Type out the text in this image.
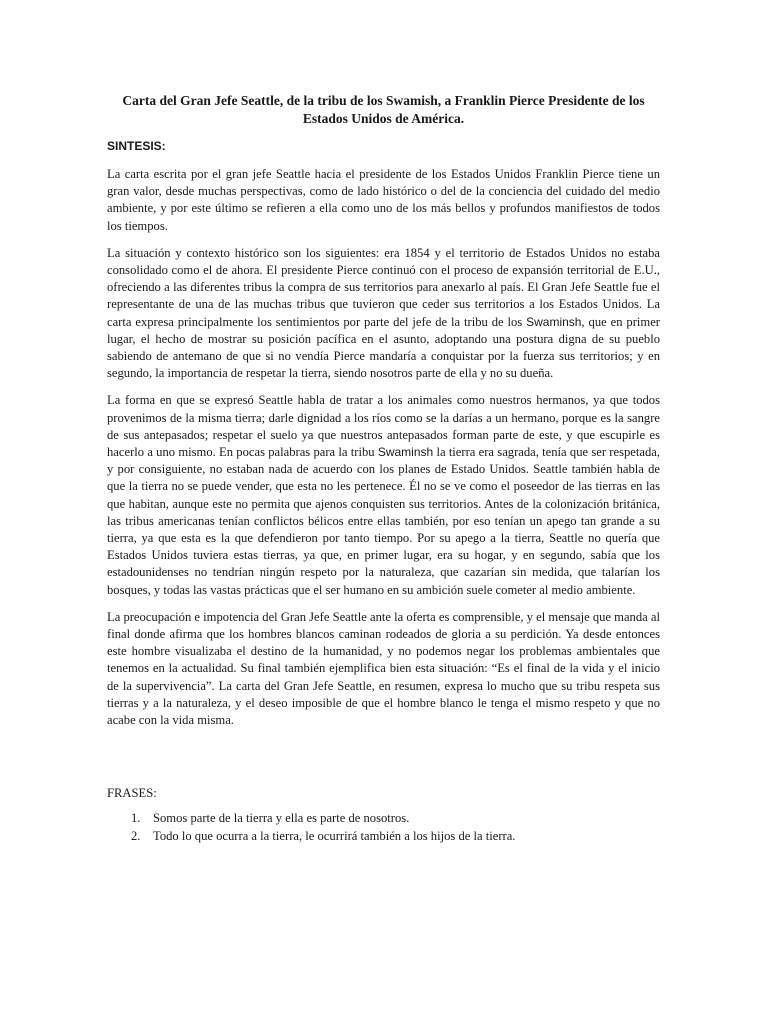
Carta del Gran Jefe Seattle, de la tribu de los Swamish, a Franklin Pierce Presidente de los Estados Unidos de América.
SINTESIS:

La carta escrita por el gran jefe Seattle hacia el presidente de los Estados Unidos Franklin Pierce tiene un gran valor, desde muchas perspectivas, como de lado histórico o del de la conciencia del cuidado del medio ambiente, y por este último se refieren a ella como uno de los más bellos y profundos manifiestos de todos los tiempos.

La situación y contexto histórico son los siguientes: era 1854 y el territorio de Estados Unidos no estaba consolidado como el de ahora. El presidente Pierce continuó con el proceso de expansión territorial de E.U., ofreciendo a las diferentes tribus la compra de sus territorios para anexarlo al país. El Gran Jefe Seattle fue el representante de una de las muchas tribus que tuvieron que ceder sus territorios a los Estados Unidos. La carta expresa principalmente los sentimientos por parte del jefe de la tribu de los Swaminsh, que en primer lugar, el hecho de mostrar su posición pacífica en el asunto, adoptando una postura digna de su pueblo sabiendo de antemano de que si no vendía Pierce mandaría a conquistar por la fuerza sus territorios; y en segundo, la importancia de respetar la tierra, siendo nosotros parte de ella y no su dueña.

La forma en que se expresó Seattle habla de tratar a los animales como nuestros hermanos, ya que todos provenimos de la misma tierra; darle dignidad a los ríos como se la darías a un hermano, porque es la sangre de sus antepasados; respetar el suelo ya que nuestros antepasados forman parte de este, y que escupirle es hacerlo a uno mismo. En pocas palabras para la tribu Swaminsh la tierra era sagrada, tenía que ser respetada, y por consiguiente, no estaban nada de acuerdo con los planes de Estado Unidos. Seattle también habla de que la tierra no se puede vender, que esta no les pertenece. Él no se ve como el poseedor de las tierras en las que habitan, aunque este no permita que ajenos conquisten sus territorios. Antes de la colonización británica, las tribus americanas tenían conflictos bélicos entre ellas también, por eso tenían un apego tan grande a su tierra, ya que esta es la que defendieron por tanto tiempo. Por su apego a la tierra, Seattle no quería que Estados Unidos tuviera estas tierras, ya que, en primer lugar, era su hogar, y en segundo, sabía que los estadounidenses no tendrían ningún respeto por la naturaleza, que cazarían sin medida, que talarían los bosques, y todas las vastas prácticas que el ser humano en su ambición suele cometer al medio ambiente.

La preocupación e impotencia del Gran Jefe Seattle ante la oferta es comprensible, y el mensaje que manda al final donde afirma que los hombres blancos caminan rodeados de gloria a su perdición. Ya desde entonces este hombre visualizaba el destino de la humanidad, y no podemos negar los problemas ambientales que tenemos en la actualidad. Su final también ejemplifica bien esta situación: “Es el final de la vida y el inicio de la supervivencia”. La carta del Gran Jefe Seattle, en resumen, expresa lo mucho que su tribu respeta sus tierras y a la naturaleza, y el deseo imposible de que el hombre blanco le tenga el mismo respeto y que no acabe con la vida misma.

FRASES:
1. Somos parte de la tierra y ella es parte de nosotros.
2. Todo lo que ocurra a la tierra, le ocurrirá también a los hijos de la tierra.
